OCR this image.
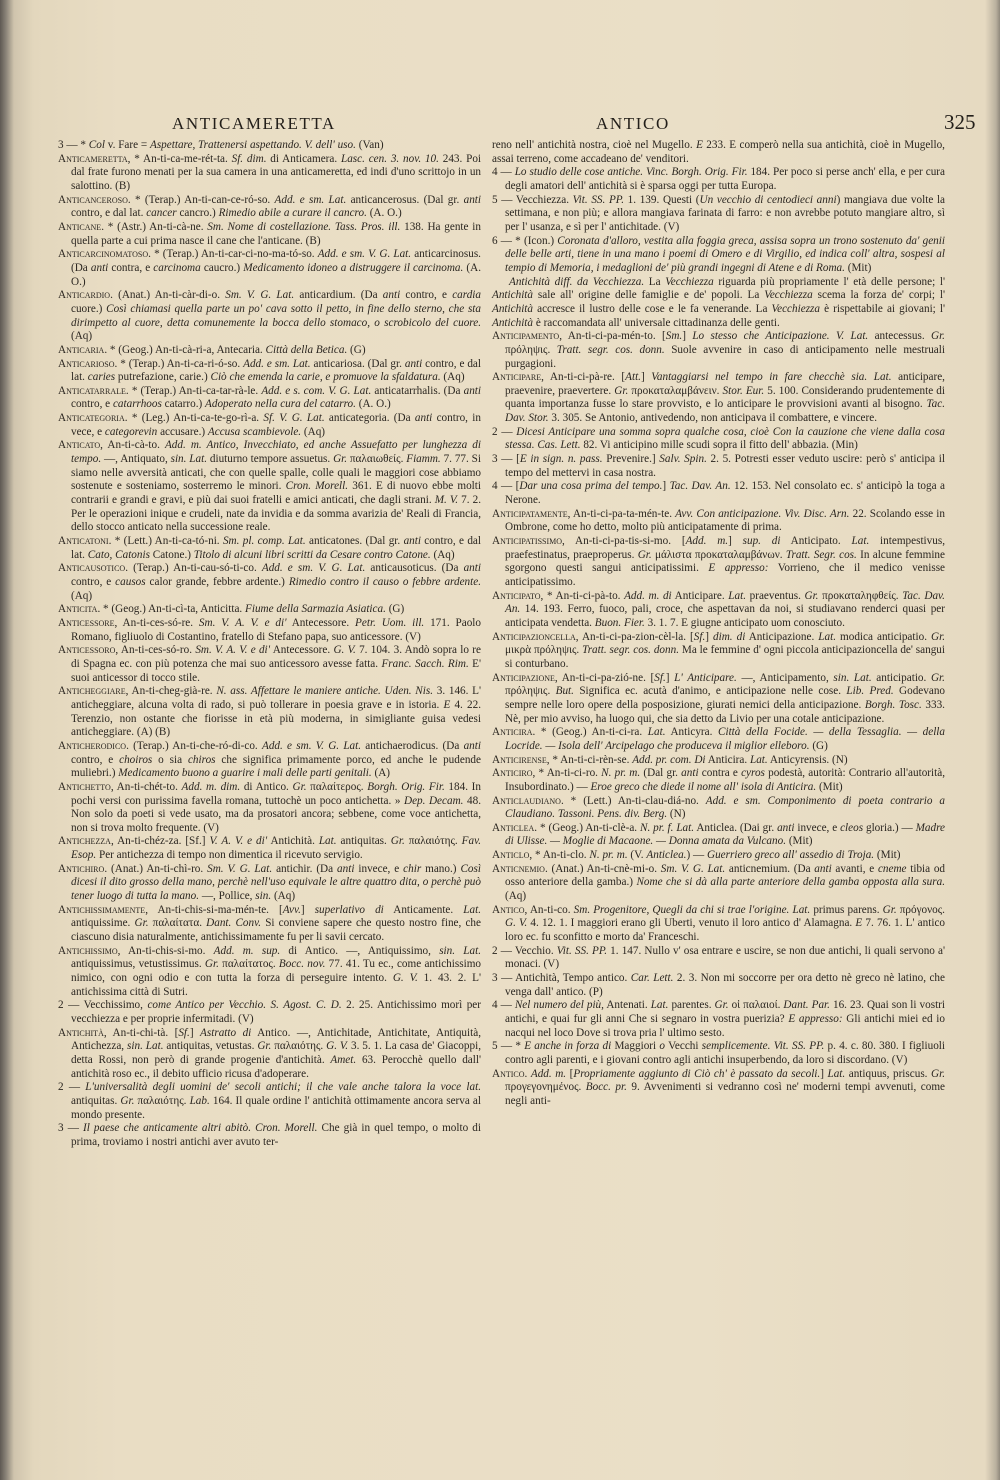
ANTICAMERETTA	ANTICO	325

3 — * Col v. Fare = Aspettare, Trattenersi aspettando. V. dell' uso. (Van)

Anticameretta, * An-ti-ca-me-rét-ta. Sf. dim. di Anticamera. Lasc. cen. 3. nov. 10. 243. Poi dal frate furono menati per la sua camera in una anticameretta, ed indi d'uno scrittojo in un salottino. (B)

Anticanceroso. * (Terap.) An-ti-can-ce-ró-so. Add. e sm. Lat. anticancerosus. (Dal gr. anti contro, e dal lat. cancer cancro.) Rimedio abile a curare il cancro. (A. O.)

Anticane. * (Astr.) An-ti-cà-ne. Sm. Nome di costellazione. Tass. Pros. ill. 138. Ha gente in quella parte a cui prima nasce il cane che l'anticane. (B)

Anticarcinomatoso. * (Terap.) An-ti-car-ci-no-ma-tó-so. Add. e sm. V. G. Lat. anticarcinosus. (Da anti contra, e carcinoma caucro.) Medicamento idoneo a distruggere il carcinoma. (A. O.)

Anticardio. (Anat.) An-ti-càr-di-o. Sm. V. G. Lat. anticardium. (Da anti contro, e cardia cuore.) Così chiamasi quella parte un po' cava sotto il petto, in fine dello sterno, che sta dirimpetto al cuore, detta comunemente la bocca dello stomaco, o scrobicolo del cuore. (Aq)

Anticaria. * (Geog.) An-ti-cà-ri-a, Antecaria. Città della Betica. (G)

Anticarioso. * (Terap.) An-ti-ca-ri-ó-so. Add. e sm. Lat. anticariosa. (Dal gr. anti contro, e dal lat. caries putrefazione, carie.) Ciò che emenda la carie, e promuove la sfaldatura. (Aq)

Anticatarrale. * (Terap.) An-ti-ca-tar-rà-le. Add. e s. com. V. G. Lat. anticatarrhalis. (Da anti contro, e catarrhoos catarro.) Adoperato nella cura del catarro. (A. O.)

Anticategoria. * (Leg.) An-ti-ca-te-go-rì-a. Sf. V. G. Lat. anticategoria. (Da anti contro, in vece, e categorevin accusare.) Accusa scambievole. (Aq)

Anticato, An-ti-cà-to. Add. m. Antico, Invecchiato, ed anche Assuefatto per lunghezza di tempo. —, Antiquato, sin. Lat. diuturno tempore assuetus. Gr. παλαιωθείς. Fiamm. 7. 77. Si siamo nelle avversità anticati, che con quelle spalle, colle quali le maggiori cose abbiamo sostenute e sosteniamo, sosterremo le minori. Cron. Morell. 361. E di nuovo ebbe molti contrarii e grandi e gravi, e più dai suoi fratelli e amici anticati, che dagli strani. M. V. 7. 2. Per le operazioni inique e crudeli, nate da invidia e da somma avarizia de' Reali di Francia, dello stocco anticato nella successione reale.

Anticatoni. * (Lett.) An-ti-ca-tó-ni. Sm. pl. comp. Lat. anticatones. (Dal gr. anti contro, e dal lat. Cato, Catonis Catone.) Titolo di alcuni libri scritti da Cesare contro Catone. (Aq)

Anticausotico. (Terap.) An-ti-cau-só-ti-co. Add. e sm. V. G. Lat. anticausoticus. (Da anti contro, e causos calor grande, febbre ardente.) Rimedio contro il causo o febbre ardente. (Aq)

Anticita. * (Geog.) An-ti-cì-ta, Anticitta. Fiume della Sarmazia Asiatica. (G)

Anticessore, An-ti-ces-só-re. Sm. V. A. V. e di' Antecessore. Petr. Uom. ill. 171. Paolo Romano, figliuolo di Costantino, fratello di Stefano papa, suo anticessore. (V)

Anticessoro, An-ti-ces-só-ro. Sm. V. A. V. e di' Antecessore. G. V. 7. 104. 3. Andò sopra lo re di Spagna ec. con più potenza che mai suo anticessoro avesse fatta. Franc. Sacch. Rim. E' suoi anticessor di tocco stile.

Anticheggiare, An-ti-cheg-già-re. N. ass. Affettare le maniere antiche. Uden. Nis. 3. 146. L' anticheggiare, alcuna volta di rado, si può tollerare in poesia grave e in istoria. E 4. 22. Terenzio, non ostante che fiorisse in età più moderna, in simigliante guisa vedesi anticheggiare. (A) (B)

Anticherodico. (Terap.) An-ti-che-ró-di-co. Add. e sm. V. G. Lat. antichaerodicus. (Da anti contro, e choiros o sia chiros che significa primamente porco, ed anche le pudende muliebri.) Medicamento buono a guarire i mali delle parti genitali. (A)

Antichetto, An-ti-chét-to. Add. m. dim. di Antico. Gr. παλαίτερος. Borgh. Orig. Fir. 184. In pochi versi con purissima favella romana, tuttochè un poco antichetta. » Dep. Decam. 48. Non solo da poeti si vede usato, ma da prosatori ancora; sebbene, come voce antichetta, non si trova molto frequente. (V)

Antichezza, An-ti-chéz-za. [Sf.] V. A. V. e di' Antichità. Lat. antiquitas. Gr. παλαιότης. Fav. Esop. Per antichezza di tempo non dimentica il ricevuto servigio.

Antichiro. (Anat.) An-ti-chì-ro. Sm. V. G. Lat. antichir. (Da anti invece, e chir mano.) Così dicesi il dito grosso della mano, perchè nell'uso equivale le altre quattro dita, o perchè può tener luogo di tutta la mano. —, Pollice, sin. (Aq)

Antichissimamente, An-ti-chis-si-ma-mén-te. [Avv.] superlativo di Anticamente. Lat. antiquissime. Gr. παλαίτατα. Dant. Conv. Si conviene sapere che questo nostro fine, che ciascuno disia naturalmente, antichissimamente fu per li savii cercato.

Antichissimo, An-ti-chis-si-mo. Add. m. sup. di Antico. —, Antiquissimo, sin. Lat. antiquissimus, vetustissimus. Gr. παλαίτατος. Bocc. nov. 77. 41. Tu ec., come antichissimo nimico, con ogni odio e con tutta la forza di perseguire intento. G. V. 1. 43. 2. L' antichissima città di Sutri.

2 — Vecchissimo, come Antico per Vecchio. S. Agost. C. D. 2. 25. Antichissimo morì per vecchiezza e per proprie infermitadi. (V)

Antichità, An-ti-chi-tà. [Sf.] Astratto di Antico. —, Antichitade, Antichitate, Antiquità, Antichezza, sin. Lat. antiquitas, vetustas. Gr. παλαιότης. G. V. 3. 5. 1. La casa de' Giacoppi, detta Rossi, non però di grande progenie d'antichità. Amet. 63. Perocchè quello dall' antichità roso ec., il debito ufficio ricusa d'adoperare.

2 — L'universalità degli uomini de' secoli antichi; il che vale anche talora la voce lat. antiquitas. Gr. παλαιότης. Lab. 164. Il quale ordine l' antichità ottimamente ancora serva al mondo presente.

3 — Il paese che anticamente altri abitò. Cron. Morell. Che già in quel tempo, o molto di prima, troviamo i nostri antichi aver avuto ter-

reno nell' antichità nostra, cioè nel Mugello. E 233. E comperò nella sua antichità, cioè in Mugello, assai terreno, come accadeano de' venditori.

4 — Lo studio delle cose antiche. Vinc. Borgh. Orig. Fir. 184. Per poco si perse anch' ella, e per cura degli amatori dell' antichità si è sparsa oggi per tutta Europa.

5 — Vecchiezza. Vit. SS. PP. 1. 139. Questi (Un vecchio di centodieci anni) mangiava due volte la settimana, e non più; e allora mangiava farinata di farro: e non avrebbe potuto mangiare altro, sì per l' usanza, e sì per l' antichitade. (V)

6 — * (Icon.) Coronata d'alloro, vestita alla foggia greca, assisa sopra un trono sostenuto da' genii delle belle arti, tiene in una mano i poemi di Omero e di Virgilio, ed indica coll' altra, sospesi al tempio di Memoria, i medaglioni de' più grandi ingegni di Atene e di Roma. (Mit)

Antichità diff. da Vecchiezza. La Vecchiezza riguarda più propriamente l' età delle persone; l' Antichità sale all' origine delle famiglie e de' popoli. La Vecchiezza scema la forza de' corpi; l' Antichità accresce il lustro delle cose e le fa venerande. La Vecchiezza è rispettabile ai giovani; l' Antichità è raccomandata all' universale cittadinanza delle genti.

Anticipamento, An-ti-ci-pa-mén-to. [Sm.] Lo stesso che Anticipazione. V. Lat. antecessus. Gr. πρόληψις. Tratt. segr. cos. donn. Suole avvenire in caso di anticipamento nelle mestruali purgagioni.

Anticipare, An-ti-ci-pà-re. [Att.] Vantaggiarsi nel tempo in fare checchè sia. Lat. anticipare, praevenire, praevertere. Gr. προκαταλαμβάνειν. Stor. Eur. 5. 100. Considerando prudentemente di quanta importanza fusse lo stare provvisto, e lo anticipare le provvisioni avanti al bisogno. Tac. Dav. Stor. 3. 305. Se Antonio, antivedendo, non anticipava il combattere, e vincere.

2 — Dicesi Anticipare una somma sopra qualche cosa, cioè Con la cauzione che viene dalla cosa stessa. Cas. Lett. 82. Vi anticipino mille scudi sopra il fitto dell' abbazia. (Min)

3 — [E in sign. n. pass. Prevenire.] Salv. Spin. 2. 5. Potresti esser veduto uscire: però s' anticipa il tempo del mettervi in casa nostra.

4 — [Dar una cosa prima del tempo.] Tac. Dav. An. 12. 153. Nel consolato ec. s' anticipò la toga a Nerone.

Anticipatamente, An-ti-ci-pa-ta-mén-te. Avv. Con anticipazione. Viv. Disc. Arn. 22. Scolando esse in Ombrone, come ho detto, molto più anticipatamente di prima.

Anticipatissimo, An-ti-ci-pa-tis-si-mo. [Add. m.] sup. di Anticipato. Lat. intempestivus, praefestinatus, praeproperus. Gr. μάλιστα προκαταλαμβάνων. Tratt. Segr. cos. In alcune femmine sgorgono questi sangui anticipatissimi. E appresso: Vorrieno, che il medico venisse anticipatissimo.

Anticipato, * An-ti-ci-pà-to. Add. m. di Anticipare. Lat. praeventus. Gr. προκαταληφθείς. Tac. Dav. An. 14. 193. Ferro, fuoco, pali, croce, che aspettavan da noi, si studiavano renderci quasi per anticipata vendetta. Buon. Fier. 3. 1. 7. E giugne anticipato uom conosciuto.

Anticipazioncella, An-ti-ci-pa-zion-cèl-la. [Sf.] dim. di Anticipazione. Lat. modica anticipatio. Gr. μικρὰ πρόληψις. Tratt. segr. cos. donn. Ma le femmine d' ogni piccola anticipazioncella de' sangui si conturbano.

Anticipazione, An-ti-ci-pa-zió-ne. [Sf.] L' Anticipare. —, Anticipamento, sin. Lat. anticipatio. Gr. πρόληψις. But. Significa ec. acutà d'animo, e anticipazione nelle cose. Lib. Pred. Godevano sempre nelle loro opere della posposizione, giurati nemici della anticipazione. Borgh. Tosc. 333. Nè, per mio avviso, ha luogo qui, che sia detto da Livio per una cotale anticipazione.

Anticira. * (Geog.) An-ti-ci-ra. Lat. Anticyra. Città della Focide. — della Tessaglia. — della Locride. — Isola dell' Arcipelago che produceva il miglior elleboro. (G)

Anticirense, * An-ti-ci-rèn-se. Add. pr. com. Di Anticira. Lat. Anticyrensis. (N)

Anticiro, * An-ti-ci-ro. N. pr. m. (Dal gr. anti contra e cyros podestà, autorità: Contrario all'autorità, Insubordinato.) — Eroe greco che diede il nome all' isola di Anticira. (Mit)

Anticlaudiano. * (Lett.) An-ti-clau-diá-no. Add. e sm. Componimento di poeta contrario a Claudiano. Tassoni. Pens. div. Berg. (N)

Anticlea. * (Geog.) An-ti-clè-a. N. pr. f. Lat. Anticlea. (Dai gr. anti invece, e cleos gloria.) — Madre di Ulisse. — Moglie di Macaone. — Donna amata da Vulcano. (Mit)

Anticlo, * An-ti-clo. N. pr. m. (V. Anticlea.) — Guerriero greco all' assedio di Troja. (Mit)

Anticnemio. (Anat.) An-ti-cnè-mi-o. Sm. V. G. Lat. anticnemium. (Da anti avanti, e cneme tibia od osso anteriore della gamba.) Nome che si dà alla parte anteriore della gamba opposta alla sura. (Aq)

Antico, An-ti-co. Sm. Progenitore, Quegli da chi si trae l'origine. Lat. primus parens. Gr. πρόγονος. G. V. 4. 12. 1. I maggiori erano gli Uberti, venuto il loro antico d' Alamagna. E 7. 76. 1. L' antico loro ec. fu sconfitto e morto da' Franceschi.

2 — Vecchio. Vit. SS. PP. 1. 147. Nullo v' osa entrare e uscire, se non due antichi, li quali servono a' monaci. (V)

3 — Antichità, Tempo antico. Car. Lett. 2. 3. Non mi soccorre per ora detto nè greco nè latino, che venga dall' antico. (P)

4 — Nel numero del più, Antenati. Lat. parentes. Gr. οἱ παλαιοί. Dant. Par. 16. 23. Quai son li vostri antichi, e quai fur gli anni Che si segnaro in vostra puerizia? E appresso: Gli antichi miei ed io nacqui nel loco Dove si trova pria l' ultimo sesto.

5 — * E anche in forza di Maggiori o Vecchi semplicemente. Vit. SS. PP. p. 4. c. 80. 380. I figliuoli contro agli parenti, e i giovani contro agli antichi insuperbendo, da loro si discordano. (V)

Antico. Add. m. [Propriamente aggiunto di Ciò ch' è passato da secoli.] Lat. antiquus, priscus. Gr. προγεγονημένος. Bocc. pr. 9. Avvenimenti si vedranno così ne' moderni tempi avvenuti, come negli anti-
